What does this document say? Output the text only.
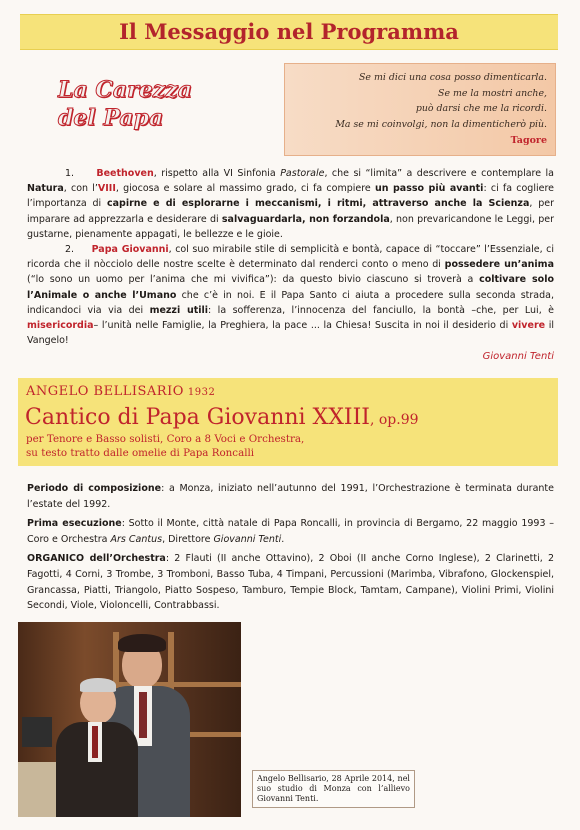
Il Messaggio nel Programma
La Carezza
del Papa
Se mi dici una cosa posso dimenticarla.
Se me la mostri anche,
può darsi che me la ricordi.
Ma se mi coinvolgi, non la dimenticherò più.
Tagore

1. Beethoven, rispetto alla VI Sinfonia Pastorale, che si “limita” a descrivere e contemplare la Natura, con l’VIII, giocosa e solare al massimo grado, ci fa compiere un passo più avanti: ci fa cogliere l’importanza di capirne e di esplorarne i meccanismi, i ritmi, attraverso anche la Scienza, per imparare ad apprezzarla e desiderare di salvaguardarla, non forzandola, non prevaricandone le Leggi, per gustarne, pienamente appagati, le bellezze e le gioie.

2. Papa Giovanni, col suo mirabile stile di semplicità e bontà, capace di “toccare” l’Essenziale, ci ricorda che il nòcciolo delle nostre scelte è determinato dal renderci conto o meno di possedere un’anima (“lo sono un uomo per l’anima che mi vivifica”): da questo bivio ciascuno si troverà a coltivare solo l’Animale o anche l’Umano che c’è in noi. E il Papa Santo ci aiuta a procedere sulla seconda strada, indicandoci via via dei mezzi utili: la sofferenza, l’innocenza del fanciullo, la bontà –che, per Lui, è misericordia– l’unità nelle Famiglie, la Preghiera, la pace ... la Chiesa! Suscita in noi il desiderio di vivere il Vangelo!

Giovanni Tenti
ANGELO BELLISARIO 1932
Cantico di Papa Giovanni XXIII, op.99
per Tenore e Basso solisti, Coro a 8 Voci e Orchestra,
su testo tratto dalle omelie di Papa Roncalli

Periodo di composizione: a Monza, iniziato nell’autunno del 1991, l’Orchestrazione è terminata durante l’estate del 1992.

Prima esecuzione: Sotto il Monte, città natale di Papa Roncalli, in provincia di Bergamo, 22 maggio 1993 – Coro e Orchestra Ars Cantus, Direttore Giovanni Tenti.

ORGANICO dell’Orchestra: 2 Flauti (II anche Ottavino), 2 Oboi (II anche Corno Inglese), 2 Clarinetti, 2 Fagotti, 4 Corni, 3 Trombe, 3 Tromboni, Basso Tuba, 4 Timpani, Percussioni (Marimba, Vibrafono, Glockenspiel, Grancassa, Piatti, Triangolo, Piatto Sospeso, Tamburo, Tempie Block, Tamtam, Campane), Violini Primi, Violini Secondi, Viole, Violoncelli, Contrabbassi.

Angelo Bellisario, 28 Aprile 2014, nel suo studio di Monza con l’allievo Giovanni Tenti.
